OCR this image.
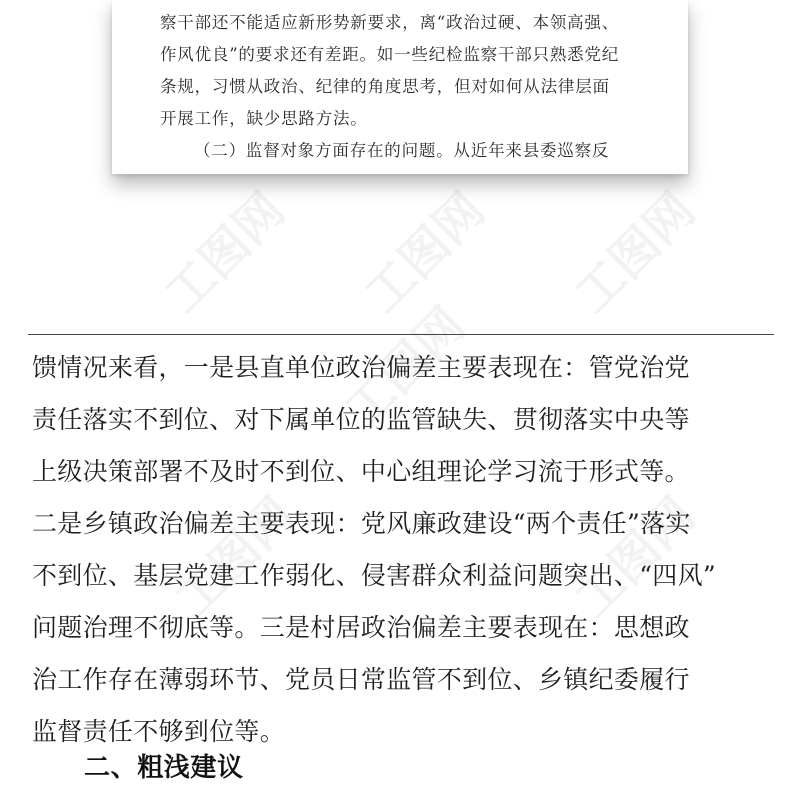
工图网 工图网 工图网
工图网
工图网	工图网
察干部还不能适应新形势新要求，离“政治过硬、本领高强、
作风优良”的要求还有差距。如一些纪检监察干部只熟悉党纪
条规，习惯从政治、纪律的角度思考，但对如何从法律层面
开展工作，缺少思路方法。
（二）监督对象方面存在的问题。从近年来县委巡察反
馈情况来看，一是县直单位政治偏差主要表现在：管党治党
责任落实不到位、对下属单位的监管缺失、贯彻落实中央等
上级决策部署不及时不到位、中心组理论学习流于形式等。
二是乡镇政治偏差主要表现：党风廉政建设“两个责任”落实
不到位、基层党建工作弱化、侵害群众利益问题突出、“四风”
问题治理不彻底等。三是村居政治偏差主要表现在：思想政
治工作存在薄弱环节、党员日常监管不到位、乡镇纪委履行
监督责任不够到位等。
二、粗浅建议
